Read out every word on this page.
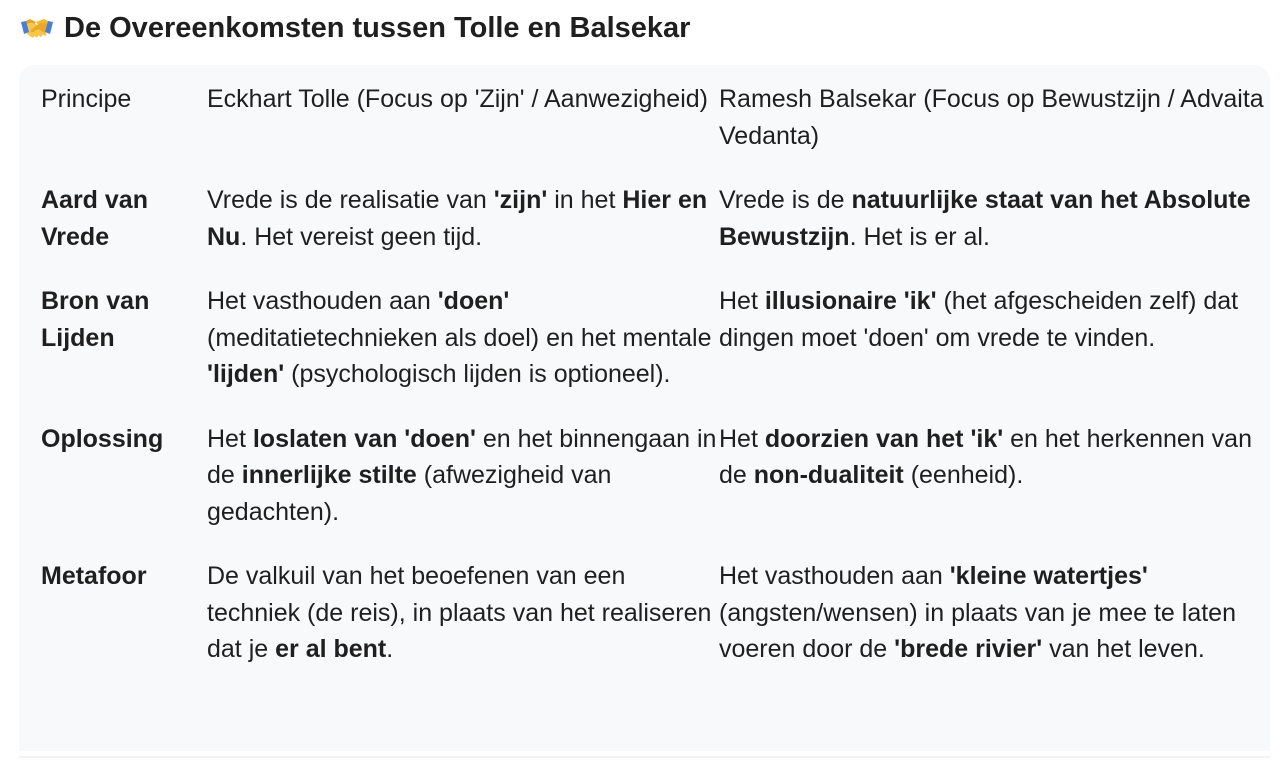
De Overeenkomsten tussen Tolle en Balsekar
Principe	Eckhart Tolle (Focus op 'Zijn' / Aanwezigheid)	Ramesh Balsekar (Focus op Bewustzijn / Advaita Vedanta)
Aard van Vrede	Vrede is de realisatie van 'zijn' in het Hier en Nu. Het vereist geen tijd.	Vrede is de natuurlijke staat van het Absolute Bewustzijn. Het is er al.
Bron van Lijden	Het vasthouden aan 'doen' (meditatietechnieken als doel) en het mentale 'lijden' (psychologisch lijden is optioneel).	Het illusionaire 'ik' (het afgescheiden zelf) dat dingen moet 'doen' om vrede te vinden.
Oplossing	Het loslaten van 'doen' en het binnengaan in de innerlijke stilte (afwezigheid van gedachten).	Het doorzien van het 'ik' en het herkennen van de non-dualiteit (eenheid).
Metafoor	De valkuil van het beoefenen van een techniek (de reis), in plaats van het realiseren dat je er al bent.	Het vasthouden aan 'kleine watertjes' (angsten/wensen) in plaats van je mee te laten voeren door de 'brede rivier' van het leven.
